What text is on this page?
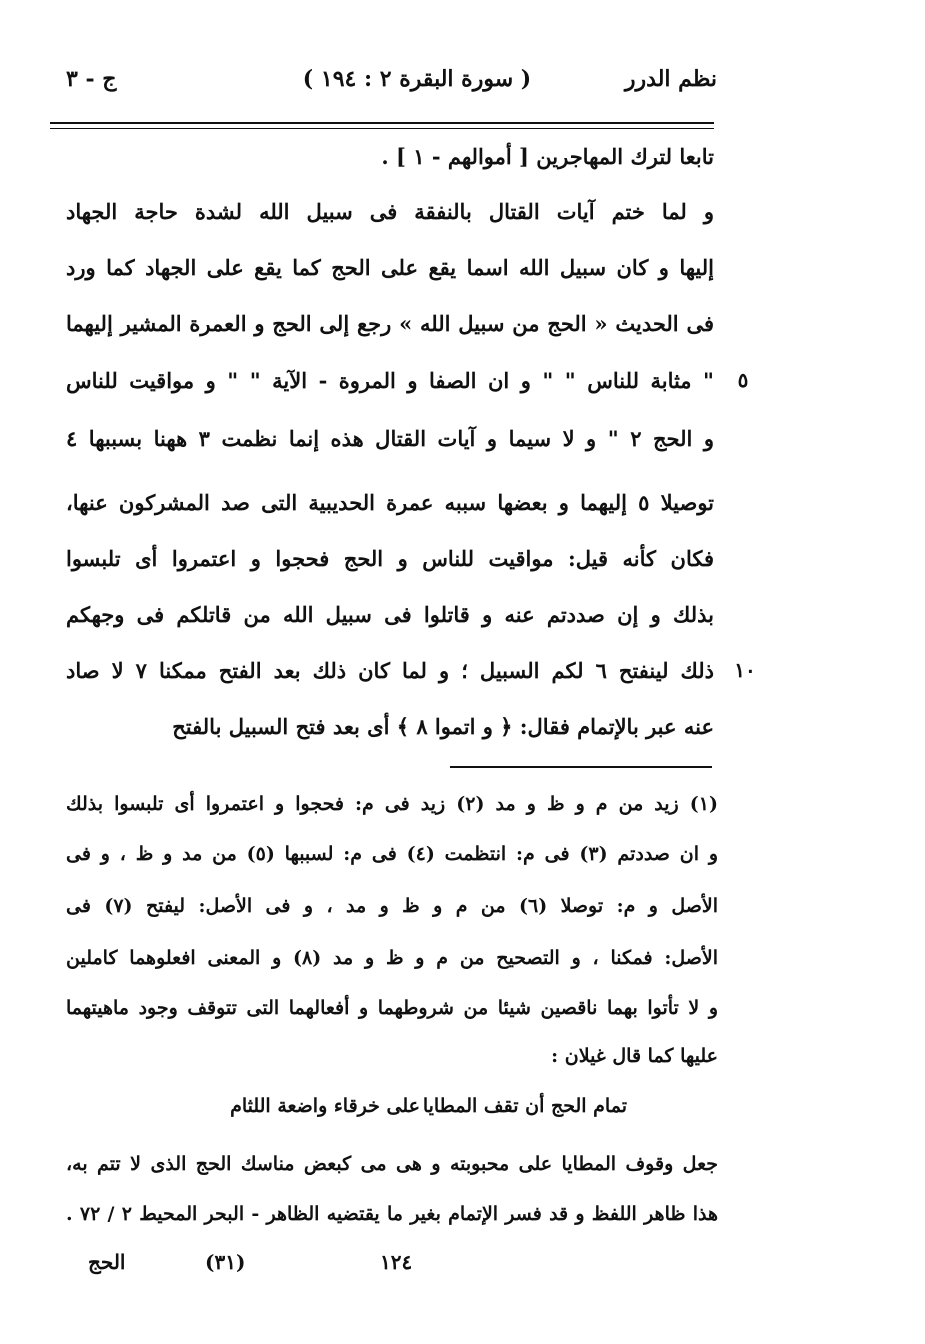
نظم الدرر
( سورة البقرة ٢ : ١٩٤ )
ج - ٣
تابعا لترك المهاجرين [ أموالهم - ١ ] .
و لما ختم آيات القتال بالنفقة فى سبيل الله لشدة حاجة الجهاد
إليها و كان سبيل الله اسما يقع على الحج كما يقع على الجهاد كما ورد
فى الحديث « الحج من سبيل الله » رجع إلى الحج و العمرة المشير إليهما
" مثابة للناس " " و ان الصفا و المروة - الآية " " و مواقيت للناس
و الحج ٢ " و لا سيما و آيات القتال هذه إنما نظمت ٣ ههنا بسببها ٤
توصيلا ٥ إليهما و بعضها سببه عمرة الحديبية التى صد المشركون عنها،
فكان كأنه قيل: مواقيت للناس و الحج فحجوا و اعتمروا أى تلبسوا
بذلك و إن صددتم عنه و قاتلوا فى سبيل الله من قاتلكم فى وجهكم
ذلك لينفتح ٦ لكم السبيل ؛ و لما كان ذلك بعد الفتح ممكنا ٧ لا صاد
عنه عبر بالإتمام فقال: ﴿ و اتموا ٨ ﴾ أى بعد فتح السبيل بالفتح
٥
١٠
(١) زيد من م و ظ و مد (٢) زيد فى م: فحجوا و اعتمروا أى تلبسوا بذلك
و ان صددتم (٣) فى م: انتظمت (٤) فى م: لسببها (٥) من مد و ظ ، و فى
الأصل و م: توصلا (٦) من م و ظ و مد ، و فى الأصل: ليفتح (٧) فى
الأصل: فمكنا ، و التصحيح من م و ظ و مد (٨) و المعنى افعلوهما كاملين
و لا تأتوا بهما ناقصين شيئا من شروطهما و أفعالهما التى تتوقف وجود ماهيتهما
عليها كما قال غيلان :
تمام الحج أن تقف المطايا
على خرقاء واضعة اللثام
جعل وقوف المطايا على محبوبته و هى مى كبعض مناسك الحج الذى لا تتم به،
هذا ظاهر اللفظ و قد فسر الإتمام بغير ما يقتضيه الظاهر - البحر المحيط ٢ / ٧٢ .
١٢٤
(٣١)
الحج
